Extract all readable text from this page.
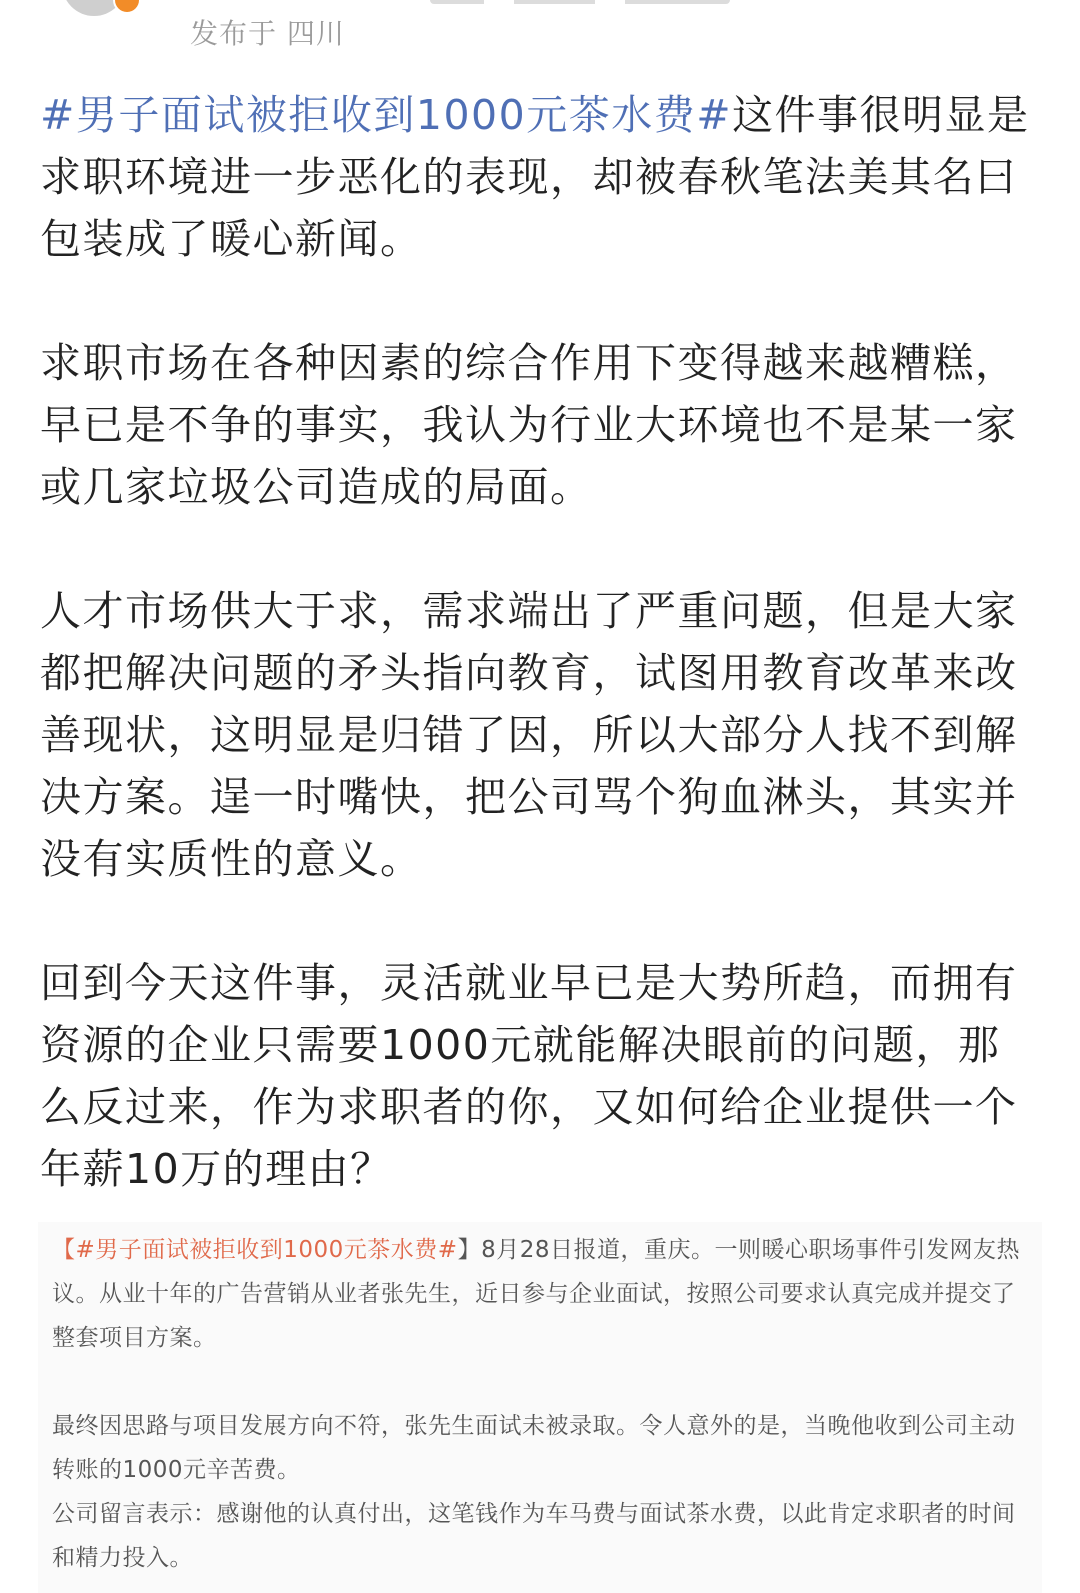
发布于 四川

#男子面试被拒收到1000元茶水费#这件事很明显是求职环境进一步恶化的表现，却被春秋笔法美其名曰包装成了暖心新闻。

求职市场在各种因素的综合作用下变得越来越糟糕，早已是不争的事实，我认为行业大环境也不是某一家或几家垃圾公司造成的局面。

人才市场供大于求，需求端出了严重问题，但是大家都把解决问题的矛头指向教育，试图用教育改革来改善现状，这明显是归错了因，所以大部分人找不到解决方案。逞一时嘴快，把公司骂个狗血淋头，其实并没有实质性的意义。

回到今天这件事，灵活就业早已是大势所趋，而拥有资源的企业只需要1000元就能解决眼前的问题，那么反过来，作为求职者的你，又如何给企业提供一个年薪10万的理由？

【#男子面试被拒收到1000元茶水费#】8月28日报道，重庆。一则暖心职场事件引发网友热议。从业十年的广告营销从业者张先生，近日参与企业面试，按照公司要求认真完成并提交了整套项目方案。

最终因思路与项目发展方向不符，张先生面试未被录取。令人意外的是，当晚他收到公司主动转账的1000元辛苦费。

公司留言表示：感谢他的认真付出，这笔钱作为车马费与面试茶水费，以此肯定求职者的时间和精力投入。
